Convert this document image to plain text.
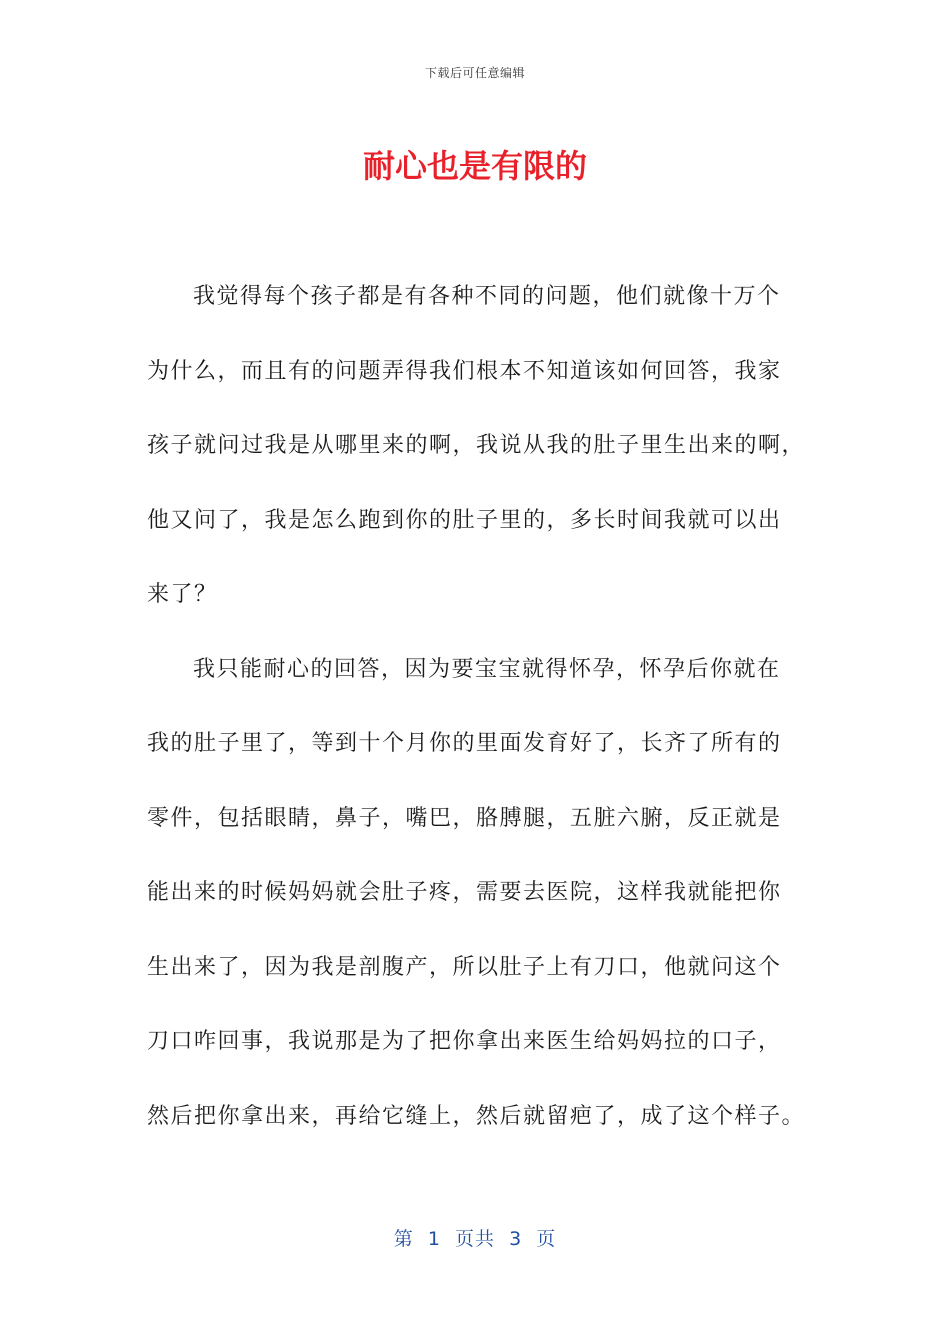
下载后可任意编辑
耐心也是有限的
我觉得每个孩子都是有各种不同的问题，他们就像十万个
为什么，而且有的问题弄得我们根本不知道该如何回答，我家
孩子就问过我是从哪里来的啊，我说从我的肚子里生出来的啊，
他又问了，我是怎么跑到你的肚子里的，多长时间我就可以出
来了？
我只能耐心的回答，因为要宝宝就得怀孕，怀孕后你就在
我的肚子里了，等到十个月你的里面发育好了，长齐了所有的
零件，包括眼睛，鼻子，嘴巴，胳膊腿，五脏六腑，反正就是
能出来的时候妈妈就会肚子疼，需要去医院，这样我就能把你
生出来了，因为我是剖腹产，所以肚子上有刀口，他就问这个
刀口咋回事，我说那是为了把你拿出来医生给妈妈拉的口子，
然后把你拿出来，再给它缝上，然后就留疤了，成了这个样子。
第  1  页共  3  页
